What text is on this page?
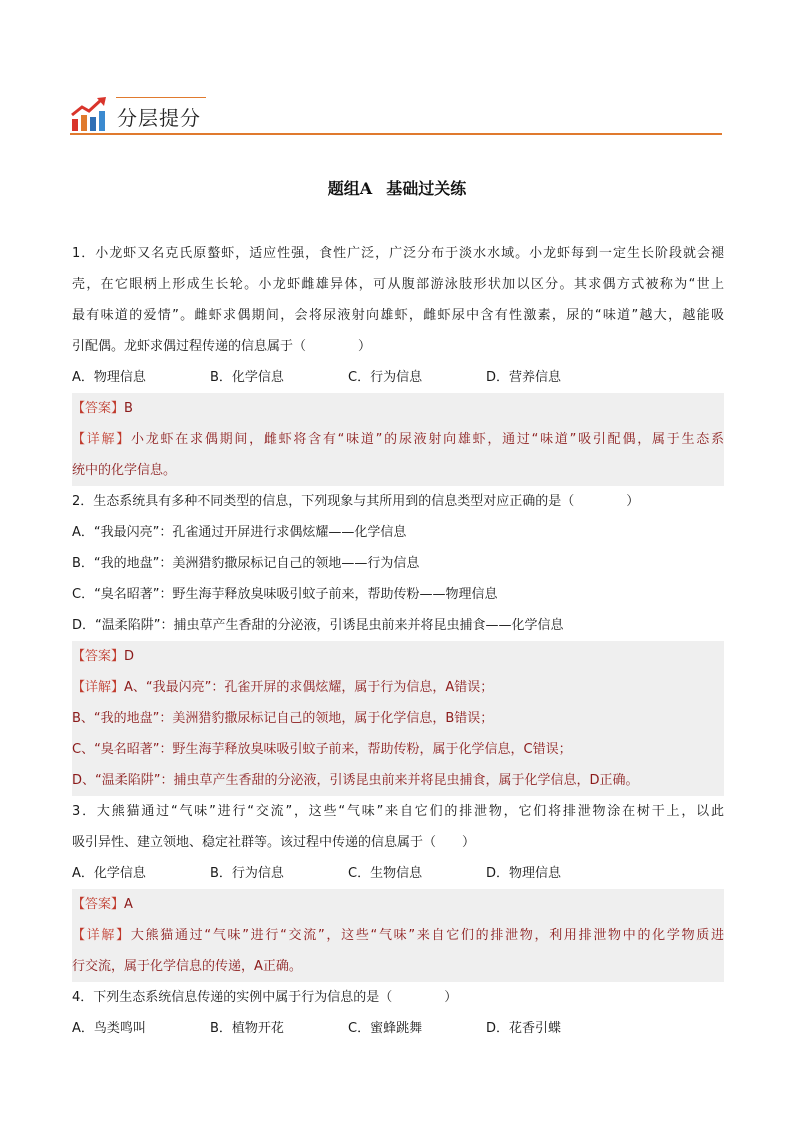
分层提分
题组A 基础过关练
1．小龙虾又名克氏原螯虾，适应性强，食性广泛，广泛分布于淡水水域。小龙虾每到一定生长阶段就会褪
壳，在它眼柄上形成生长轮。小龙虾雌雄异体，可从腹部游泳肢形状加以区分。其求偶方式被称为“世上
最有味道的爱情”。雌虾求偶期间，会将尿液射向雄虾，雌虾尿中含有性激素，尿的“味道”越大，越能吸
引配偶。龙虾求偶过程传递的信息属于（　　　　）
A．物理信息	B．化学信息	C．行为信息	D．营养信息
【答案】B
【详解】小龙虾在求偶期间，雌虾将含有“味道”的尿液射向雄虾，通过“味道”吸引配偶，属于生态系
统中的化学信息。
2．生态系统具有多种不同类型的信息，下列现象与其所用到的信息类型对应正确的是（　　　　）
A．“我最闪亮”：孔雀通过开屏进行求偶炫耀——化学信息
B．“我的地盘”：美洲猎豹撒尿标记自己的领地——行为信息
C．“臭名昭著”：野生海芋释放臭味吸引蚊子前来，帮助传粉——物理信息
D．“温柔陷阱”：捕虫草产生香甜的分泌液，引诱昆虫前来并将昆虫捕食——化学信息
【答案】D
【详解】A、“我最闪亮”：孔雀开屏的求偶炫耀，属于行为信息，A错误；
B、“我的地盘”：美洲猎豹撒尿标记自己的领地，属于化学信息，B错误；
C、“臭名昭著”：野生海芋释放臭味吸引蚊子前来，帮助传粉，属于化学信息，C错误；
D、“温柔陷阱”：捕虫草产生香甜的分泌液，引诱昆虫前来并将昆虫捕食，属于化学信息，D正确。
3．大熊猫通过“气味”进行“交流”，这些“气味”来自它们的排泄物，它们将排泄物涂在树干上，以此
吸引异性、建立领地、稳定社群等。该过程中传递的信息属于（　　）
A．化学信息	B．行为信息	C．生物信息	D．物理信息
【答案】A
【详解】大熊猫通过“气味”进行“交流”，这些“气味”来自它们的排泄物，利用排泄物中的化学物质进
行交流，属于化学信息的传递，A正确。
4．下列生态系统信息传递的实例中属于行为信息的是（　　　　）
A．鸟类鸣叫	B．植物开花	C．蜜蜂跳舞	D．花香引蝶
